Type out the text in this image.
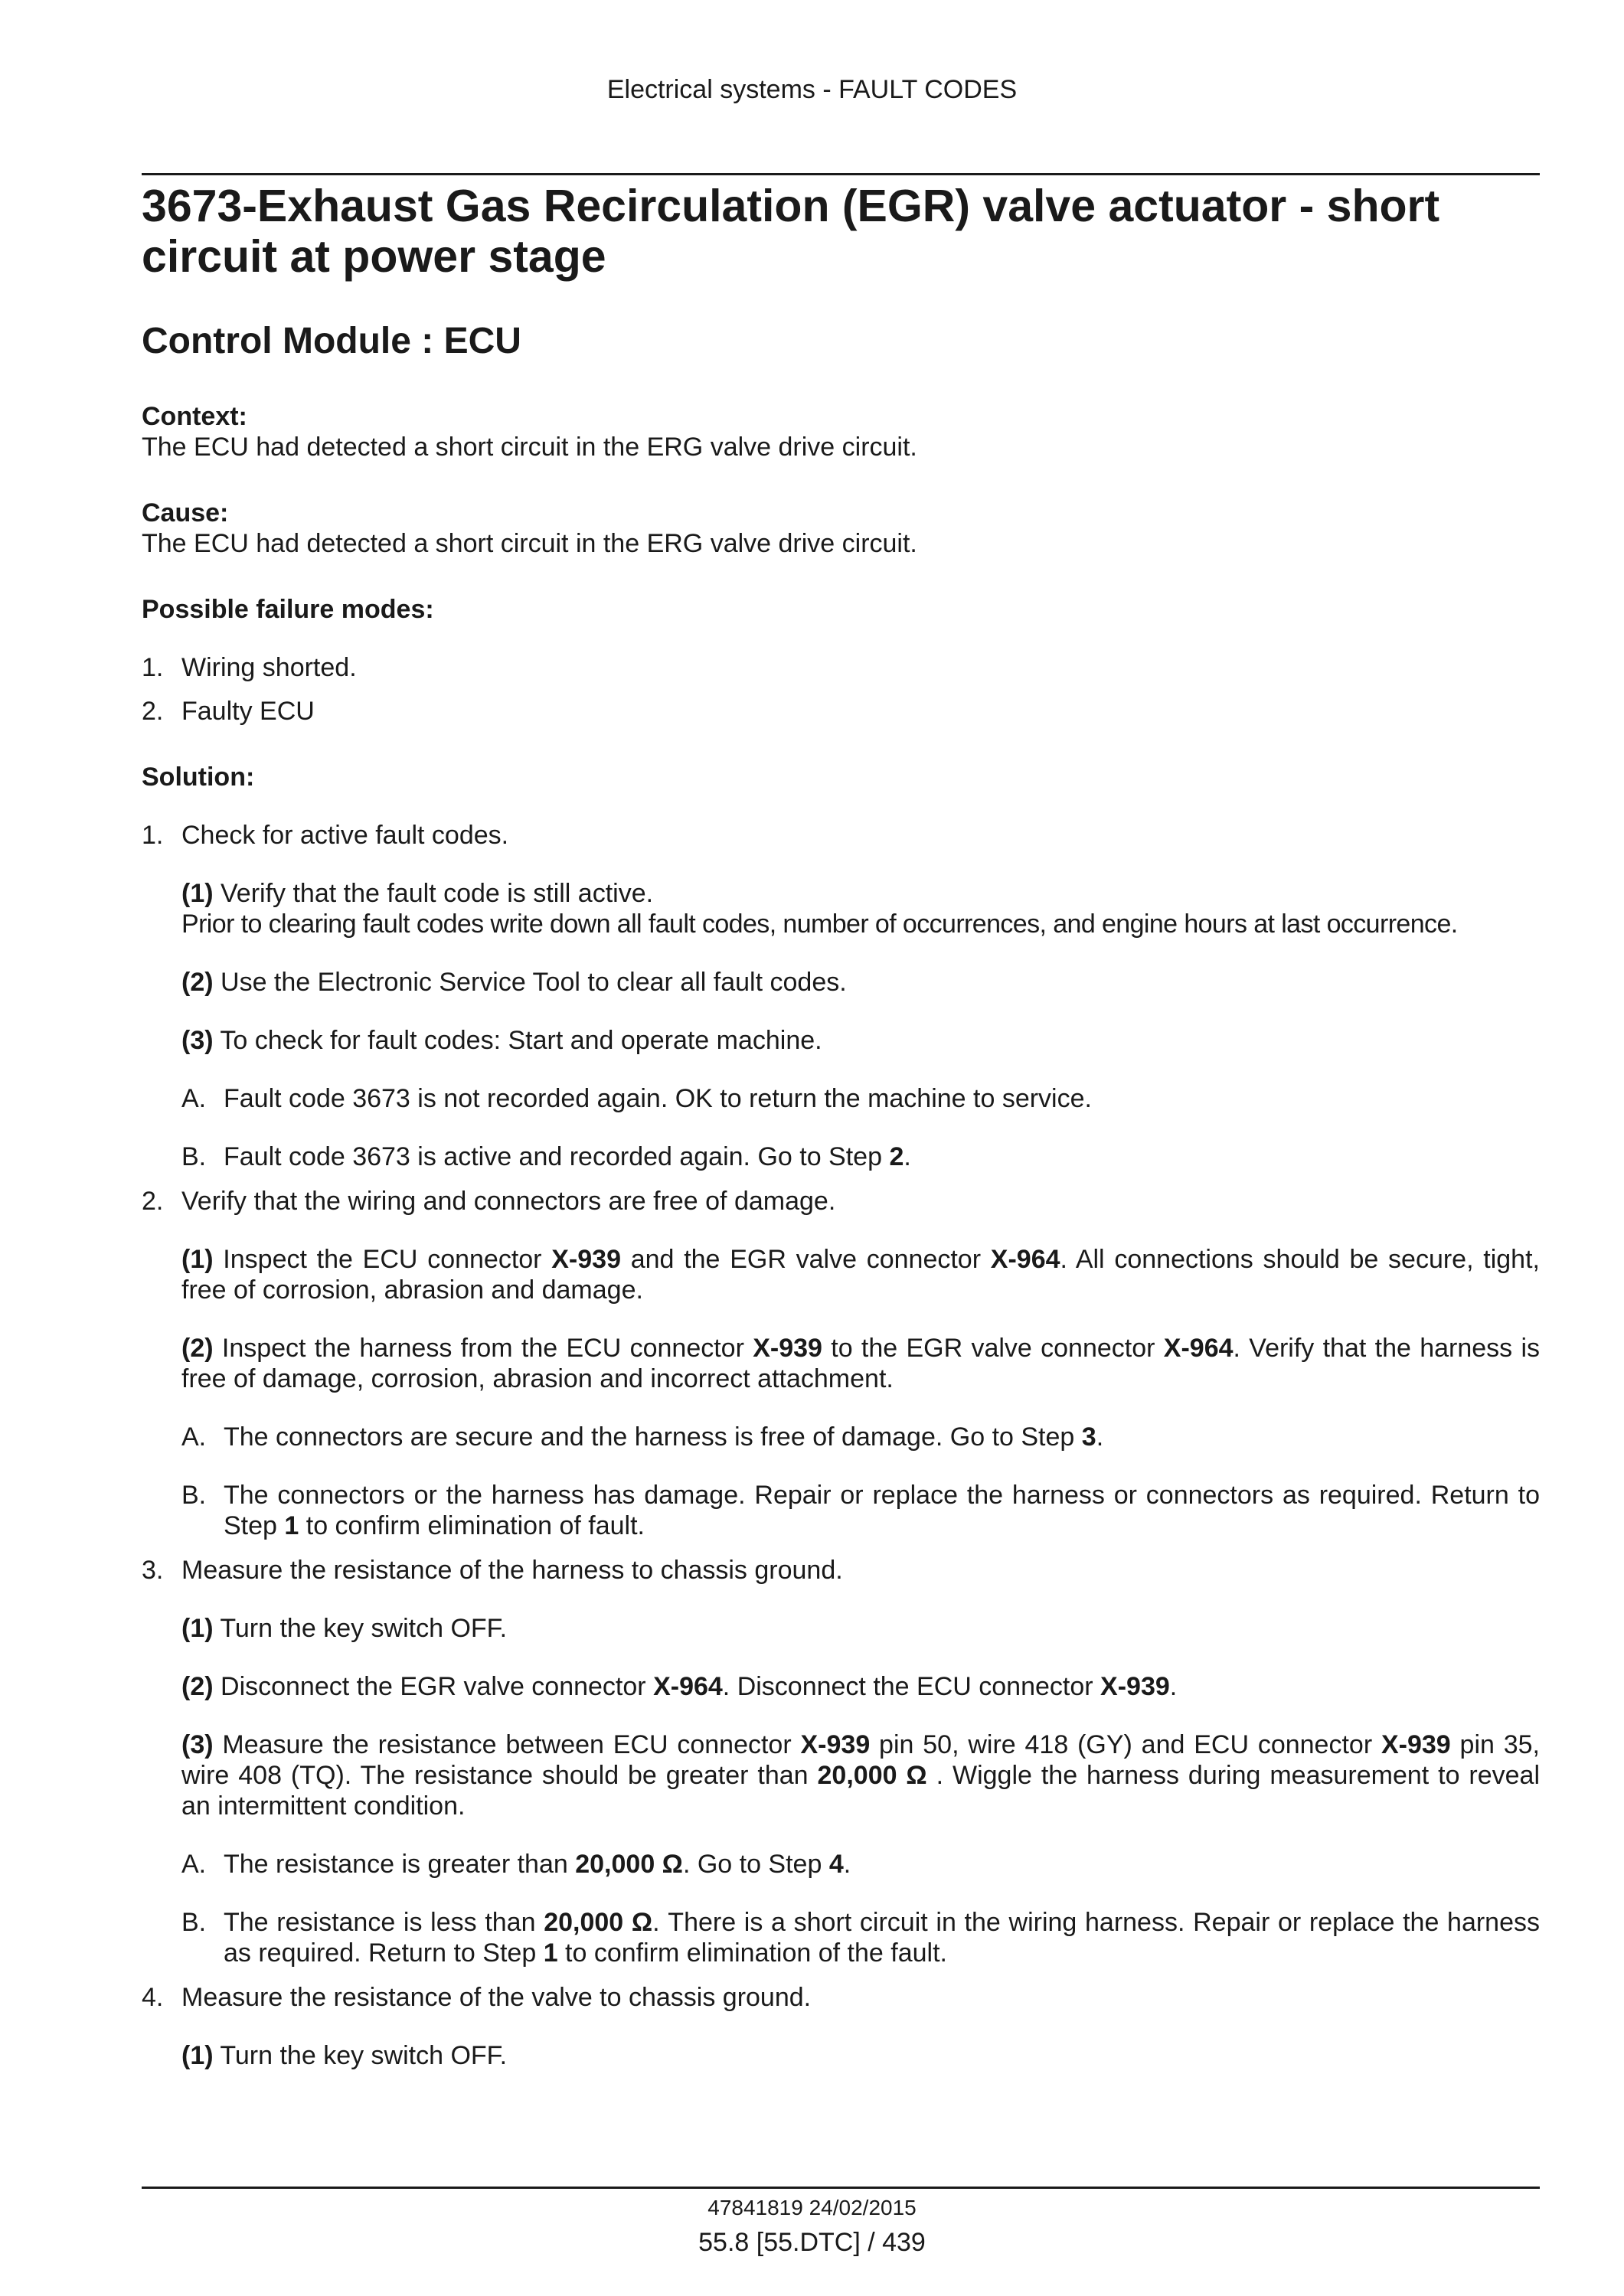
Electrical systems - FAULT CODES
3673-Exhaust Gas Recirculation (EGR) valve actuator - short circuit at power stage
Control Module : ECU
Context:
The ECU had detected a short circuit in the ERG valve drive circuit.
Cause:
The ECU had detected a short circuit in the ERG valve drive circuit.
Possible failure modes:
1. Wiring shorted.
2. Faulty ECU
Solution:
1. Check for active fault codes.
(1) Verify that the fault code is still active.
Prior to clearing fault codes write down all fault codes, number of occurrences, and engine hours at last occurrence.
(2) Use the Electronic Service Tool to clear all fault codes.
(3) To check for fault codes: Start and operate machine.
A. Fault code 3673 is not recorded again. OK to return the machine to service.
B. Fault code 3673 is active and recorded again. Go to Step 2.
2. Verify that the wiring and connectors are free of damage.
(1) Inspect the ECU connector X-939 and the EGR valve connector X-964. All connections should be secure, tight, free of corrosion, abrasion and damage.
(2) Inspect the harness from the ECU connector X-939 to the EGR valve connector X-964. Verify that the harness is free of damage, corrosion, abrasion and incorrect attachment.
A. The connectors are secure and the harness is free of damage. Go to Step 3.
B. The connectors or the harness has damage. Repair or replace the harness or connectors as required. Return to Step 1 to confirm elimination of fault.
3. Measure the resistance of the harness to chassis ground.
(1) Turn the key switch OFF.
(2) Disconnect the EGR valve connector X-964. Disconnect the ECU connector X-939.
(3) Measure the resistance between ECU connector X-939 pin 50, wire 418 (GY) and ECU connector X-939 pin 35, wire 408 (TQ). The resistance should be greater than 20,000 Ω . Wiggle the harness during measurement to reveal an intermittent condition.
A. The resistance is greater than 20,000 Ω. Go to Step 4.
B. The resistance is less than 20,000 Ω. There is a short circuit in the wiring harness. Repair or replace the harness as required. Return to Step 1 to confirm elimination of the fault.
4. Measure the resistance of the valve to chassis ground.
(1) Turn the key switch OFF.
47841819 24/02/2015
55.8 [55.DTC] / 439
